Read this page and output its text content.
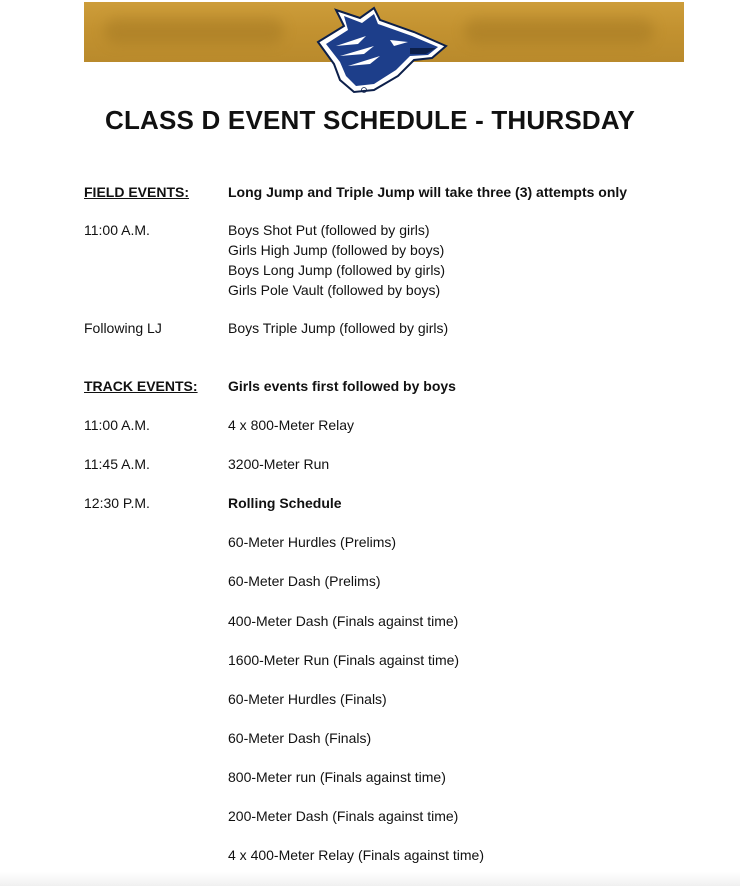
CLASS D EVENT SCHEDULE - THURSDAY
FIELD EVENTS:	Long Jump and Triple Jump will take three (3) attempts only
11:00 A.M.	Boys Shot Put (followed by girls)
Girls High Jump (followed by boys)
Boys Long Jump (followed by girls)
Girls Pole Vault (followed by boys)
Following LJ	Boys Triple Jump (followed by girls)
TRACK EVENTS: Girls events first followed by boys
11:00 A.M.	4 x 800-Meter Relay
11:45 A.M.	3200-Meter Run
12:30 P.M.	Rolling Schedule
60-Meter Hurdles (Prelims)
60-Meter Dash (Prelims)
400-Meter Dash (Finals against time)
1600-Meter Run (Finals against time)
60-Meter Hurdles (Finals)
60-Meter Dash (Finals)
800-Meter run (Finals against time)
200-Meter Dash (Finals against time)
4 x 400-Meter Relay (Finals against time)
